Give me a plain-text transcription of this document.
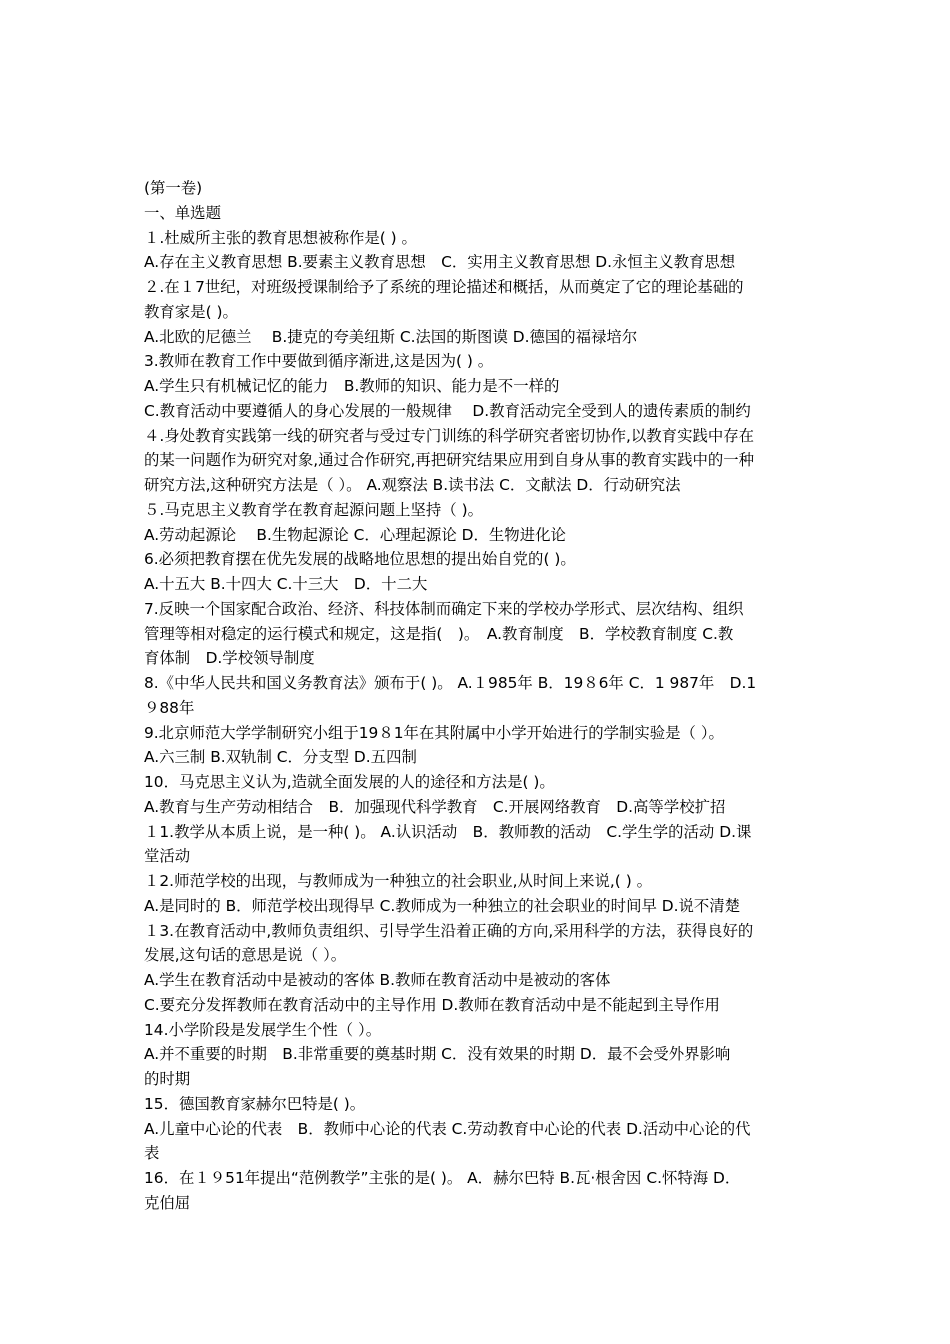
(第一卷)
一、单选题
１.杜威所主张的教育思想被称作是( ) 。
A.存在主义教育思想 B.要素主义教育思想　C．实用主义教育思想 D.永恒主义教育思想
２.在１7世纪，对班级授课制给予了系统的理论描述和概括，从而奠定了它的理论基础的
教育家是( )。
A.北欧的尼德兰　 B.捷克的夸美纽斯 C.法国的斯图谟 D.德国的福禄培尔
3.教师在教育工作中要做到循序渐进,这是因为( ) 。
A.学生只有机械记忆的能力　B.教师的知识、能力是不一样的
C.教育活动中要遵循人的身心发展的一般规律　 D.教育活动完全受到人的遗传素质的制约
４.身处教育实践第一线的研究者与受过专门训练的科学研究者密切协作,以教育实践中存在
的某一问题作为研究对象,通过合作研究,再把研究结果应用到自身从事的教育实践中的一种
研究方法,这种研究方法是（ ）。 A.观察法 B.读书法 C．文献法 D．行动研究法
５.马克思主义教育学在教育起源问题上坚持（ )。
A.劳动起源论　 B.生物起源论 C．心理起源论 D．生物进化论
6.必须把教育摆在优先发展的战略地位思想的提出始自党的( )。
A.十五大 B.十四大 C.十三大　D．十二大
7.反映一个国家配合政治、经济、科技体制而确定下来的学校办学形式、层次结构、组织
管理等相对稳定的运行模式和规定，这是指(　)。　A.教育制度　B．学校教育制度 C.教
育体制　D.学校领导制度
8.《中华人民共和国义务教育法》颁布于( )。 A.１985年 B．19８6年 C．1 987年　D.1
９88年
9.北京师范大学学制研究小组于19８1年在其附属中小学开始进行的学制实验是（ ）。
A.六三制 B.双轨制 C．分支型 D.五四制
10．马克思主义认为,造就全面发展的人的途径和方法是( )。
A.教育与生产劳动相结合　B．加强现代科学教育　C.开展网络教育　D.高等学校扩招
１1.教学从本质上说，是一种( )。 A.认识活动　B．教师教的活动　C.学生学的活动 D.课
堂活动
１2.师范学校的出现，与教师成为一种独立的社会职业,从时间上来说,( ) 。
A.是同时的 B．师范学校出现得早 C.教师成为一种独立的社会职业的时间早 D.说不清楚
１3.在教育活动中,教师负责组织、引导学生沿着正确的方向,采用科学的方法，获得良好的
发展,这句话的意思是说（ ）。
A.学生在教育活动中是被动的客体 B.教师在教育活动中是被动的客体
C.要充分发挥教师在教育活动中的主导作用 D.教师在教育活动中是不能起到主导作用
14.小学阶段是发展学生个性（ ）。
A.并不重要的时期　B.非常重要的奠基时期 C．没有效果的时期 D．最不会受外界影响
的时期
15．德国教育家赫尔巴特是( )。
A.儿童中心论的代表　B．教师中心论的代表 C.劳动教育中心论的代表 D.活动中心论的代
表
16．在１９51年提出“范例教学”主张的是( )。 A．赫尔巴特 B.瓦·根舍因 C.怀特海 D．
克伯屈
